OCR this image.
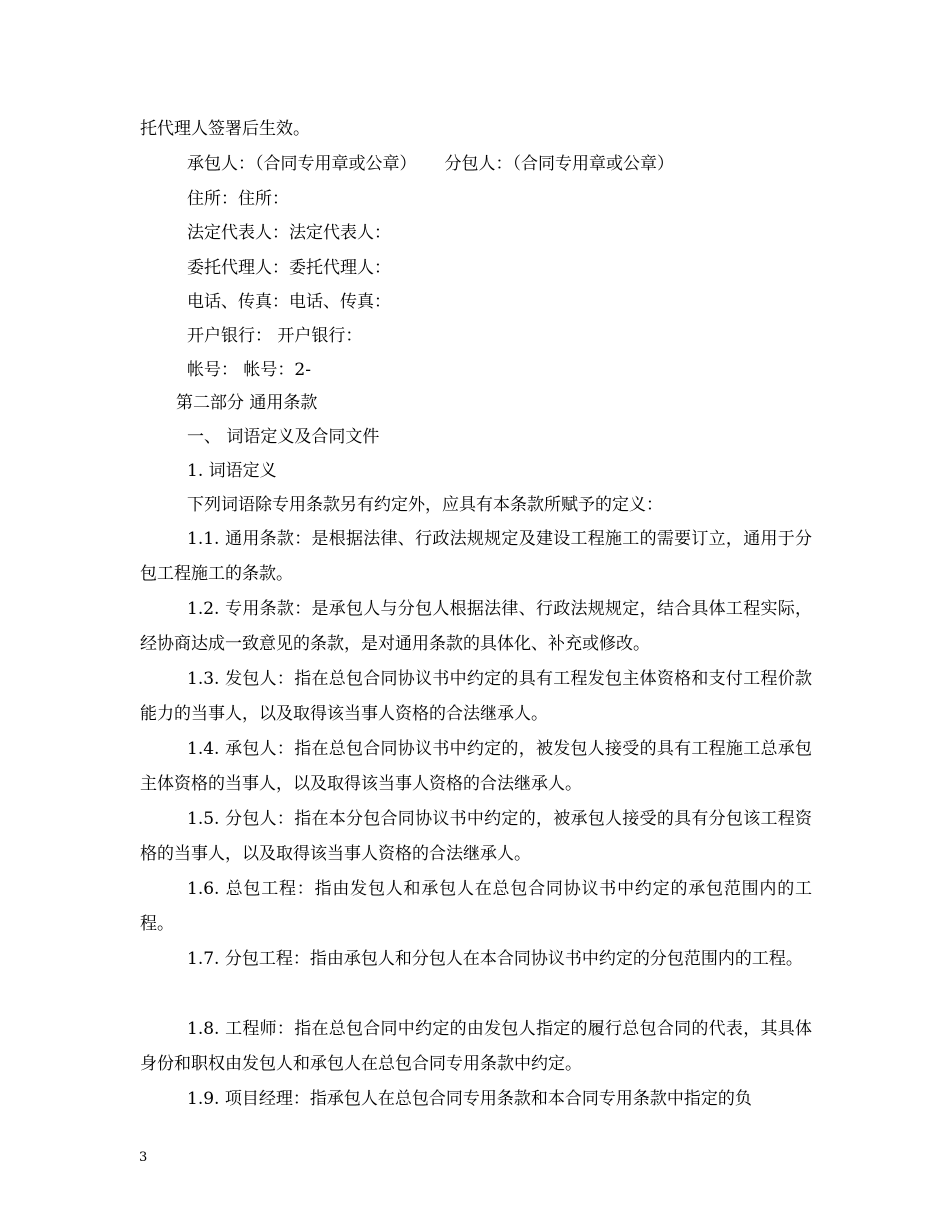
托代理人签署后生效。
承包人：（合同专用章或公章） 分包人：（合同专用章或公章）
住所：住所：
法定代表人：法定代表人：
委托代理人：委托代理人：
电话、传真：电话、传真：
开户银行： 开户银行：
帐号： 帐号：2-
第二部分 通用条款
一、 词语定义及合同文件
1. 词语定义
下列词语除专用条款另有约定外，应具有本条款所赋予的定义：
1.1. 通用条款：是根据法律、行政法规规定及建设工程施工的需要订立，通用于分包工程施工的条款。
1.2. 专用条款：是承包人与分包人根据法律、行政法规规定，结合具体工程实际，经协商达成一致意见的条款，是对通用条款的具体化、补充或修改。
1.3. 发包人：指在总包合同协议书中约定的具有工程发包主体资格和支付工程价款能力的当事人，以及取得该当事人资格的合法继承人。
1.4. 承包人：指在总包合同协议书中约定的，被发包人接受的具有工程施工总承包主体资格的当事人，以及取得该当事人资格的合法继承人。
1.5. 分包人：指在本分包合同协议书中约定的，被承包人接受的具有分包该工程资格的当事人，以及取得该当事人资格的合法继承人。
1.6. 总包工程：指由发包人和承包人在总包合同协议书中约定的承包范围内的工程。
1.7. 分包工程：指由承包人和分包人在本合同协议书中约定的分包范围内的工程。
1.8. 工程师：指在总包合同中约定的由发包人指定的履行总包合同的代表，其具体身份和职权由发包人和承包人在总包合同专用条款中约定。
1.9. 项目经理：指承包人在总包合同专用条款和本合同专用条款中指定的负
3
